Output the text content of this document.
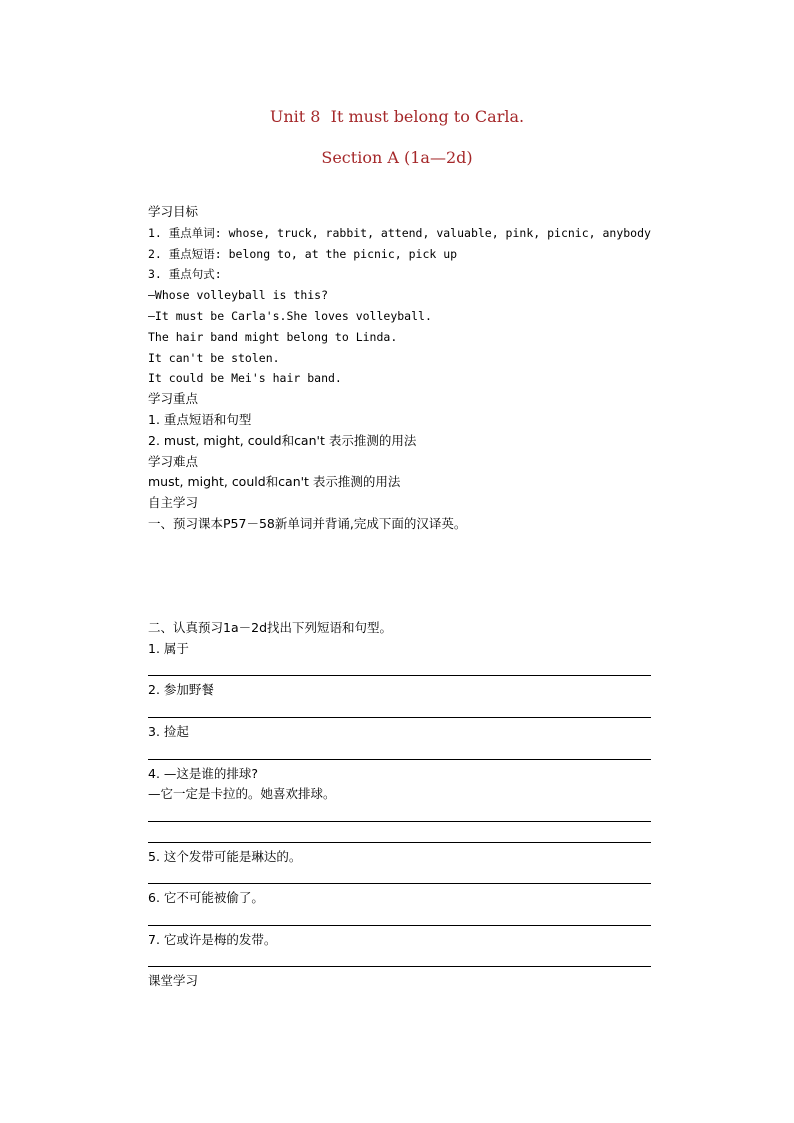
Unit 8  It must belong to Carla.
Section A (1a—2d)
学习目标
1. 重点单词: whose, truck, rabbit, attend, valuable, pink, picnic, anybody
2. 重点短语: belong to, at the picnic, pick up
3. 重点句式:
—Whose volleyball is this?
—It must be Carla's.She loves volleyball.
The hair band might belong to Linda.
It can't be stolen.
It could be Mei's hair band.
学习重点
1. 重点短语和句型
2. must, might, could和can't 表示推测的用法
学习难点
must, might, could和can't 表示推测的用法
自主学习
一、预习课本P57－58新单词并背诵,完成下面的汉译英。

二、认真预习1a－2d找出下列短语和句型。
1. 属于
2. 参加野餐
3. 捡起
4. —这是谁的排球?
—它一定是卡拉的。她喜欢排球。
5. 这个发带可能是琳达的。
6. 它不可能被偷了。
7. 它或许是梅的发带。
课堂学习
